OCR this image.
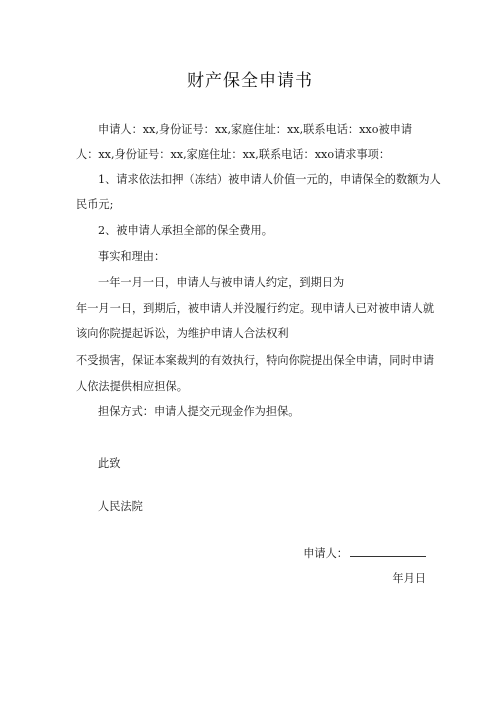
财产保全申请书
申请人：xx,身份证号：xx,家庭住址：xx,联系电话：xxo被申请
人：xx,身份证号：xx,家庭住址：xx,联系电话：xxo请求事项：
1、请求依法扣押（冻结）被申请人价值一元的，申请保全的数额为人
民币元;
2、被申请人承担全部的保全费用。
事实和理由：
一年一月一日，申请人与被申请人约定，到期日为
年一月一日，到期后，被申请人并没履行约定。现申请人已对被申请人就
该向你院提起诉讼，为维护申请人合法权利
不受损害，保证本案裁判的有效执行，特向你院提出保全申请，同时申请
人依法提供相应担保。
担保方式：申请人提交元现金作为担保。
此致
人民法院
申请人：
年月日
